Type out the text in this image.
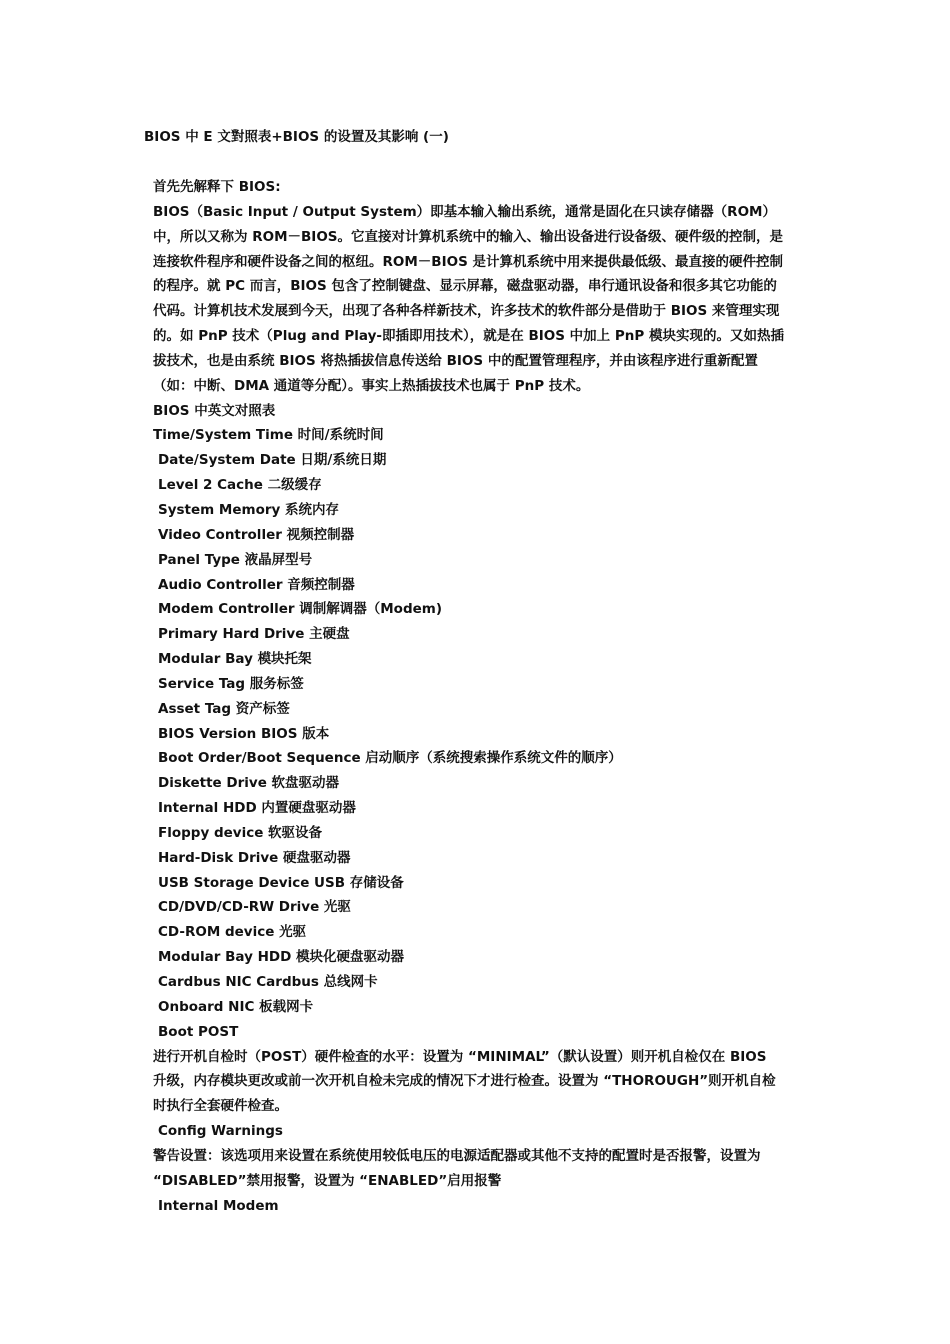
BIOS 中 E 文對照表+BIOS 的设置及其影响 (一)
首先先解释下 BIOS:
BIOS（Basic Input / Output System）即基本输入输出系统，通常是固化在只读存储器（ROM）
中，所以又称为 ROM－BIOS。它直接对计算机系统中的输入、输出设备进行设备级、硬件级的控制，是
连接软件程序和硬件设备之间的枢纽。ROM－BIOS 是计算机系统中用来提供最低级、最直接的硬件控制
的程序。就 PC 而言，BIOS 包含了控制键盘、显示屏幕，磁盘驱动器，串行通讯设备和很多其它功能的
代码。计算机技术发展到今天，出现了各种各样新技术，许多技术的软件部分是借助于 BIOS 来管理实现
的。如 PnP 技术（Plug and Play-即插即用技术），就是在 BIOS 中加上 PnP 模块实现的。又如热插
拔技术，也是由系统 BIOS 将热插拔信息传送给 BIOS 中的配置管理程序，并由该程序进行重新配置
（如：中断、DMA 通道等分配）。事实上热插拔技术也属于 PnP 技术。
BIOS 中英文对照表
Time/System Time 时间/系统时间
Date/System Date 日期/系统日期
Level 2 Cache 二级缓存
System Memory 系统内存
Video Controller 视频控制器
Panel Type 液晶屏型号
Audio Controller 音频控制器
Modem Controller 调制解调器（Modem)
Primary Hard Drive 主硬盘
Modular Bay 模块托架
Service Tag 服务标签
Asset Tag 资产标签
BIOS Version BIOS 版本
Boot Order/Boot Sequence 启动顺序（系统搜索操作系统文件的顺序）
Diskette Drive 软盘驱动器
Internal HDD 内置硬盘驱动器
Floppy device 软驱设备
Hard-Disk Drive 硬盘驱动器
USB Storage Device USB 存储设备
CD/DVD/CD-RW Drive 光驱
CD-ROM device 光驱
Modular Bay HDD 模块化硬盘驱动器
Cardbus NIC Cardbus 总线网卡
Onboard NIC 板载网卡
Boot POST
进行开机自检时（POST）硬件检查的水平：设置为 “MINIMAL”（默认设置）则开机自检仅在 BIOS
升级，内存模块更改或前一次开机自检未完成的情况下才进行检查。设置为 “THOROUGH”则开机自检
时执行全套硬件检查。
Config Warnings
警告设置：该选项用来设置在系统使用较低电压的电源适配器或其他不支持的配置时是否报警，设置为
“DISABLED”禁用报警，设置为 “ENABLED”启用报警
Internal Modem
